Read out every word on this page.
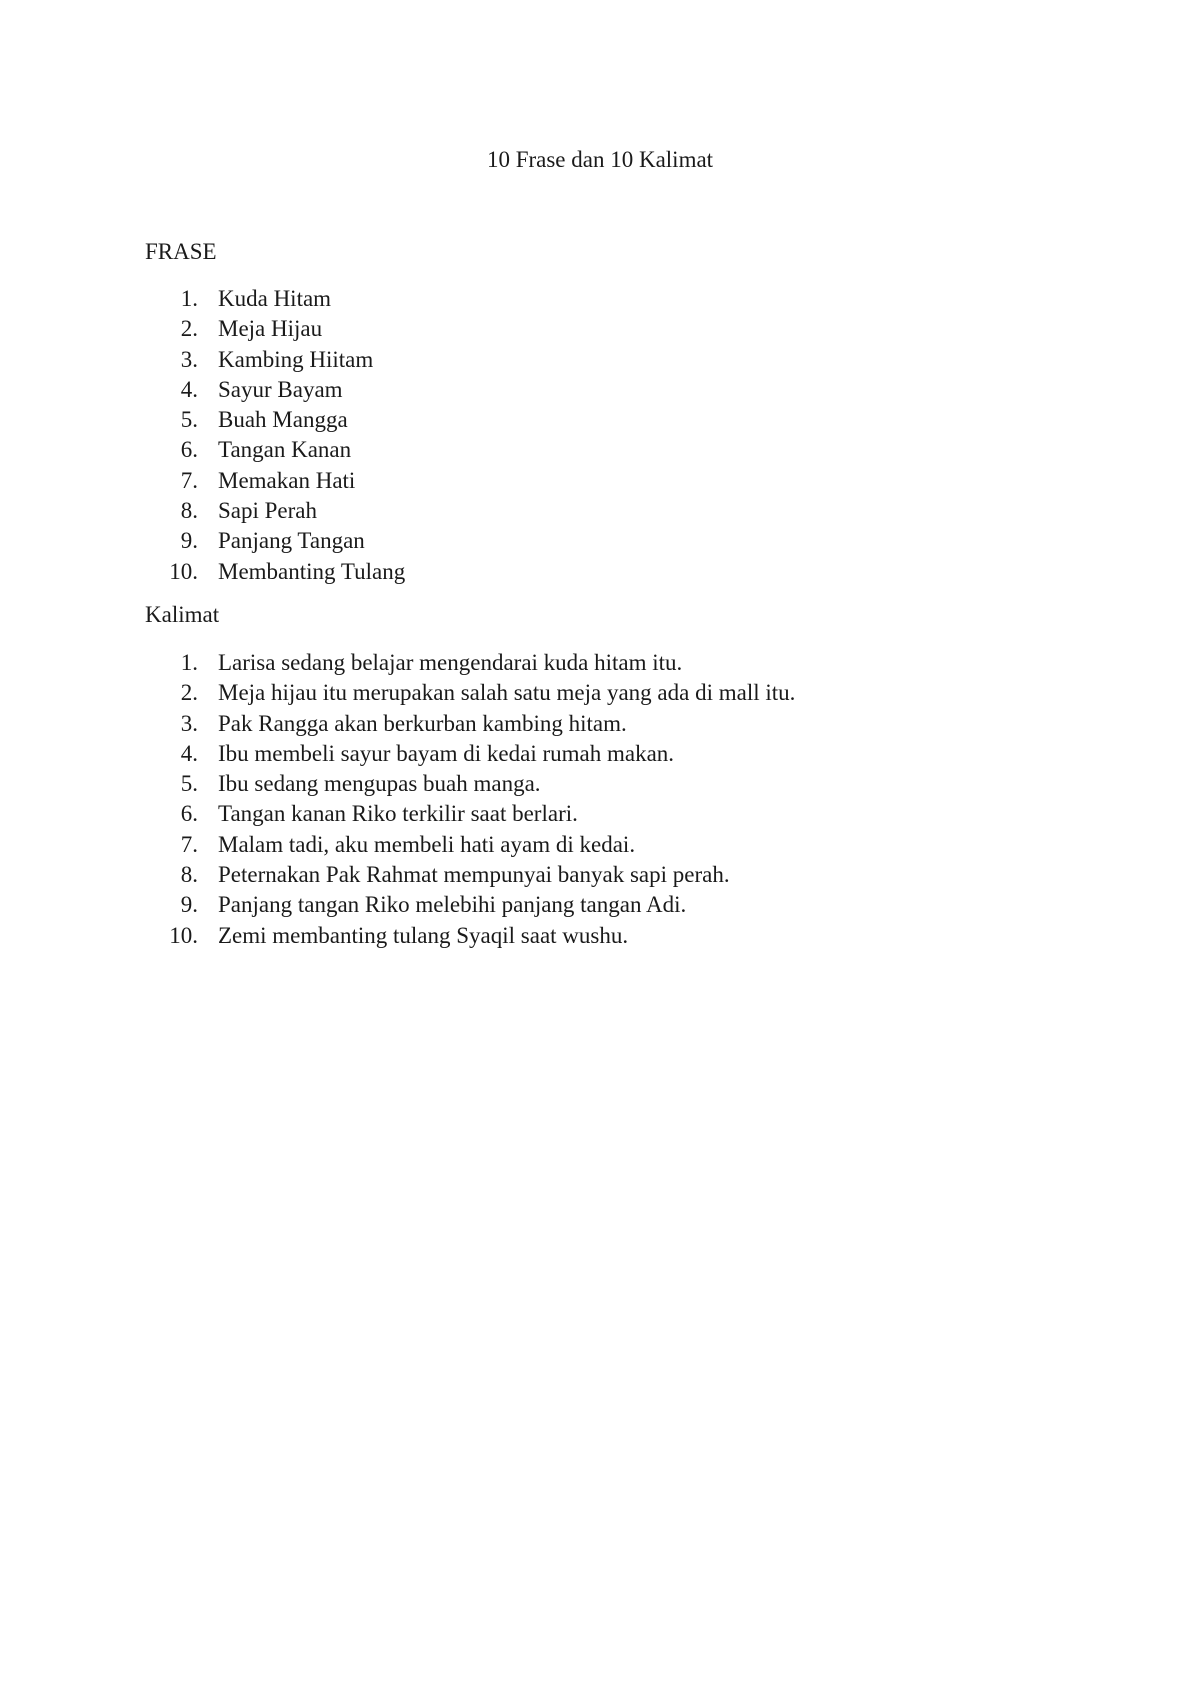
10 Frase dan 10 Kalimat
FRASE
1. Kuda Hitam
2. Meja Hijau
3. Kambing Hiitam
4. Sayur Bayam
5. Buah Mangga
6. Tangan Kanan
7. Memakan Hati
8. Sapi Perah
9. Panjang Tangan
10. Membanting Tulang
Kalimat
1. Larisa sedang belajar mengendarai kuda hitam itu.
2. Meja hijau itu merupakan salah satu meja yang ada di mall itu.
3. Pak Rangga akan berkurban kambing hitam.
4. Ibu membeli sayur bayam di kedai rumah makan.
5. Ibu sedang mengupas buah manga.
6. Tangan kanan Riko terkilir saat berlari.
7. Malam tadi, aku membeli hati ayam di kedai.
8. Peternakan Pak Rahmat mempunyai banyak sapi perah.
9. Panjang tangan Riko melebihi panjang tangan Adi.
10. Zemi membanting tulang Syaqil saat wushu.
